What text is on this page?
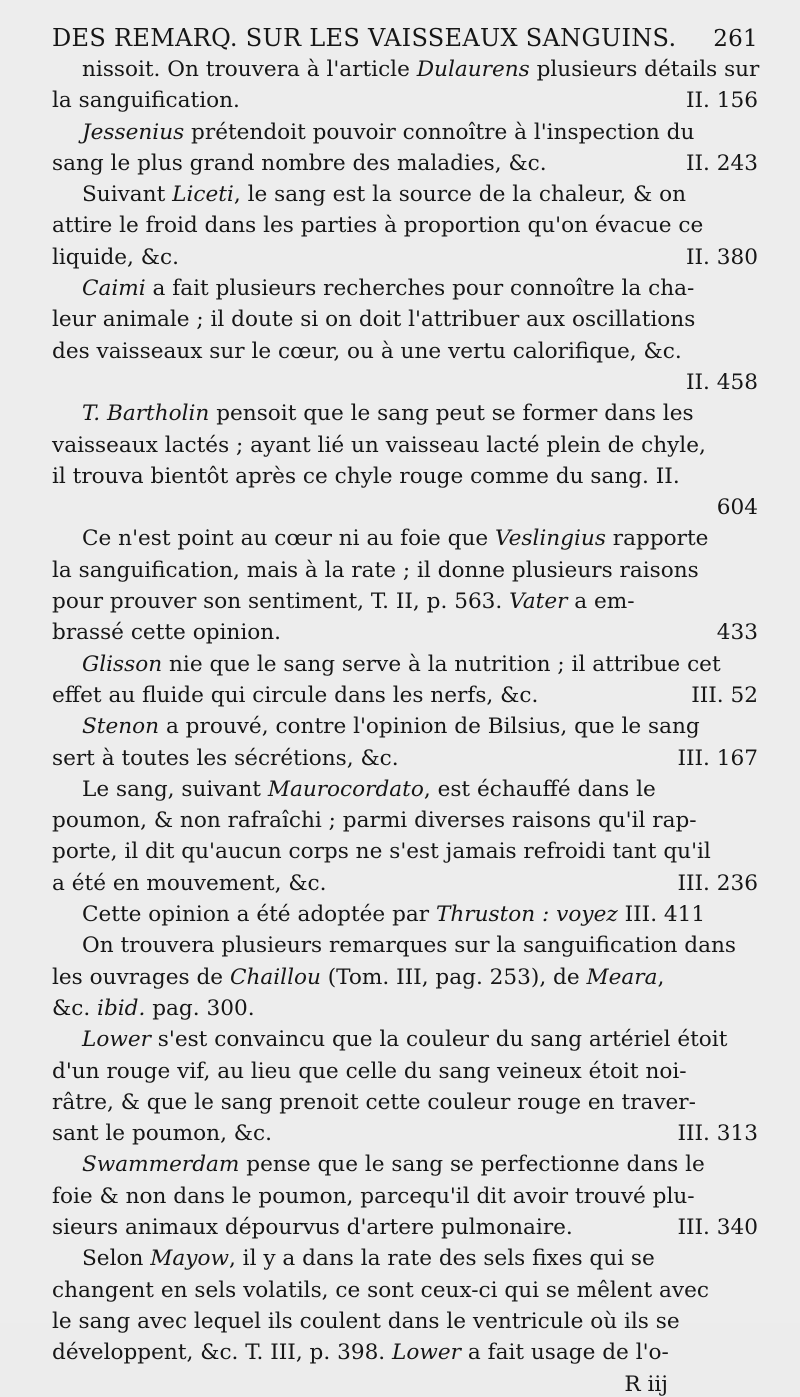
DES REMARQ. SUR LES VAISSEAUX SANGUINS. 261
nissoit. On trouvera à l'article Dulaurens plusieurs détails sur
la sanguification.	II. 156
Jessenius prétendoit pouvoir connoître à l'inspection du
sang le plus grand nombre des maladies, &c.	II. 243
Suivant Liceti, le sang est la source de la chaleur, & on
attire le froid dans les parties à proportion qu'on évacue ce
liquide, &c.	II. 380
Caimi a fait plusieurs recherches pour connoître la cha-
leur animale ; il doute si on doit l'attribuer aux oscillations
des vaisseaux sur le cœur, ou à une vertu calorifique, &c.
II. 458
T. Bartholin pensoit que le sang peut se former dans les
vaisseaux lactés ; ayant lié un vaisseau lacté plein de chyle,
il trouva bientôt après ce chyle rouge comme du sang. II.
604
Ce n'est point au cœur ni au foie que Veslingius rapporte
la sanguification, mais à la rate ; il donne plusieurs raisons
pour prouver son sentiment, T. II, p. 563. Vater a em-
brassé cette opinion.	433
Glisson nie que le sang serve à la nutrition ; il attribue cet
effet au fluide qui circule dans les nerfs, &c.	III. 52
Stenon a prouvé, contre l'opinion de Bilsius, que le sang
sert à toutes les sécrétions, &c.	III. 167
Le sang, suivant Maurocordato, est échauffé dans le
poumon, & non rafraîchi ; parmi diverses raisons qu'il rap-
porte, il dit qu'aucun corps ne s'est jamais refroidi tant qu'il
a été en mouvement, &c.	III. 236
Cette opinion a été adoptée par Thruston : voyez III. 411
On trouvera plusieurs remarques sur la sanguification dans
les ouvrages de Chaillou (Tom. III, pag. 253), de Meara,
&c. ibid. pag. 300.
Lower s'est convaincu que la couleur du sang artériel étoit
d'un rouge vif, au lieu que celle du sang veineux étoit noi-
râtre, & que le sang prenoit cette couleur rouge en traver-
sant le poumon, &c.	III. 313
Swammerdam pense que le sang se perfectionne dans le
foie & non dans le poumon, parcequ'il dit avoir trouvé plu-
sieurs animaux dépourvus d'artere pulmonaire.	III. 340
Selon Mayow, il y a dans la rate des sels fixes qui se
changent en sels volatils, ce sont ceux-ci qui se mêlent avec
le sang avec lequel ils coulent dans le ventricule où ils se
développent, &c. T. III, p. 398. Lower a fait usage de l'o-
R iij
